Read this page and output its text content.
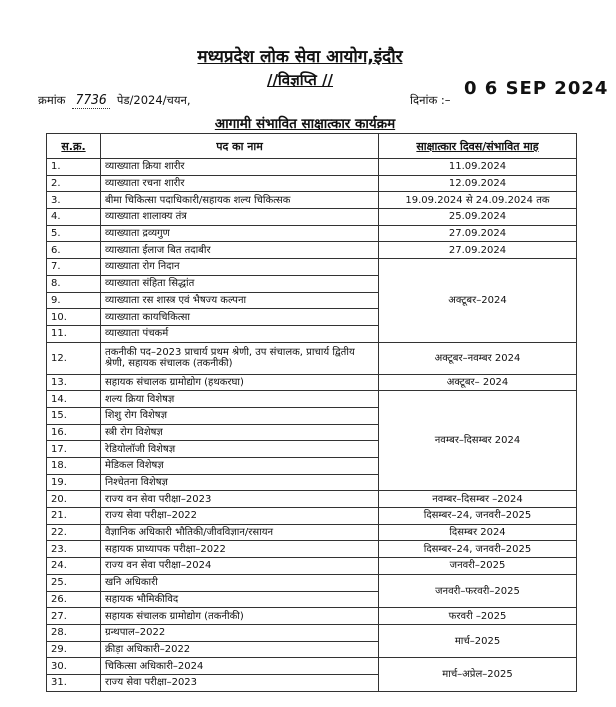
मध्यप्रदेश लोक सेवा आयोग,इंदौर
//विज्ञप्ति //
क्रमांक 7736 पेड/2024/चयन,	दिनांक :–
0 6 SEP 2024
आगामी संभावित साक्षात्कार कार्यक्रम
स.क्र.	पद का नाम	साक्षात्कार दिवस/संभावित माह
1.	व्याख्याता क्रिया शारीर	11.09.2024
2.	व्याख्याता रचना शारीर	12.09.2024
3.	बीमा चिकित्सा पदाधिकारी/सहायक शल्य चिकित्सक	19.09.2024 से 24.09.2024 तक
4.	व्याख्याता शालाक्य तंत्र	25.09.2024
5.	व्याख्याता द्रव्यगुण	27.09.2024
6.	व्याख्याता ईलाज बित तदाबीर	27.09.2024
7.	व्याख्याता रोग निदान	अक्टूबर–2024
8.	व्याख्याता संहिता सिद्धांत	
9.	व्याख्याता रस शास्त्र एवं भैषज्य कल्पना	
10.	व्याख्याता कायचिकित्सा	
11.	व्याख्याता पंचकर्म	
12.	तकनीकी पद–2023 प्राचार्य प्रथम श्रेणी, उप संचालक, प्राचार्य द्वितीय श्रेणी, सहायक संचालक (तकनीकी)	अक्टूबर–नवम्बर 2024
13.	सहायक संचालक ग्रामोद्योग (हथकरघा)	अक्टूबर– 2024
14.	शल्य क्रिया विशेषज्ञ	नवम्बर–दिसम्बर 2024
15.	शिशु रोग विशेषज्ञ	
16.	स्त्री रोग विशेषज्ञ	
17.	रेडियोलॉजी विशेषज्ञ	
18.	मेडिकल विशेषज्ञ	
19.	निश्चेतना विशेषज्ञ	
20.	राज्य वन सेवा परीक्षा–2023	नवम्बर–दिसम्बर –2024
21.	राज्य सेवा परीक्षा–2022	दिसम्बर–24, जनवरी–2025
22.	वैज्ञानिक अधिकारी भौतिकी/जीवविज्ञान/रसायन	दिसम्बर 2024
23.	सहायक प्राध्यापक परीक्षा–2022	दिसम्बर–24, जनवरी–2025
24.	राज्य वन सेवा परीक्षा–2024	जनवरी–2025
25.	खनि अधिकारी	जनवरी–फरवरी–2025
26.	सहायक भौमिकीविद	
27.	सहायक संचालक ग्रामोद्योग (तकनीकी)	फरवरी –2025
28.	ग्रन्थपाल–2022	मार्च–2025
29.	क्रीड़ा अधिकारी–2022	
30.	चिकित्सा अधिकारी–2024	मार्च–अप्रेल–2025
31.	राज्य सेवा परीक्षा–2023	
